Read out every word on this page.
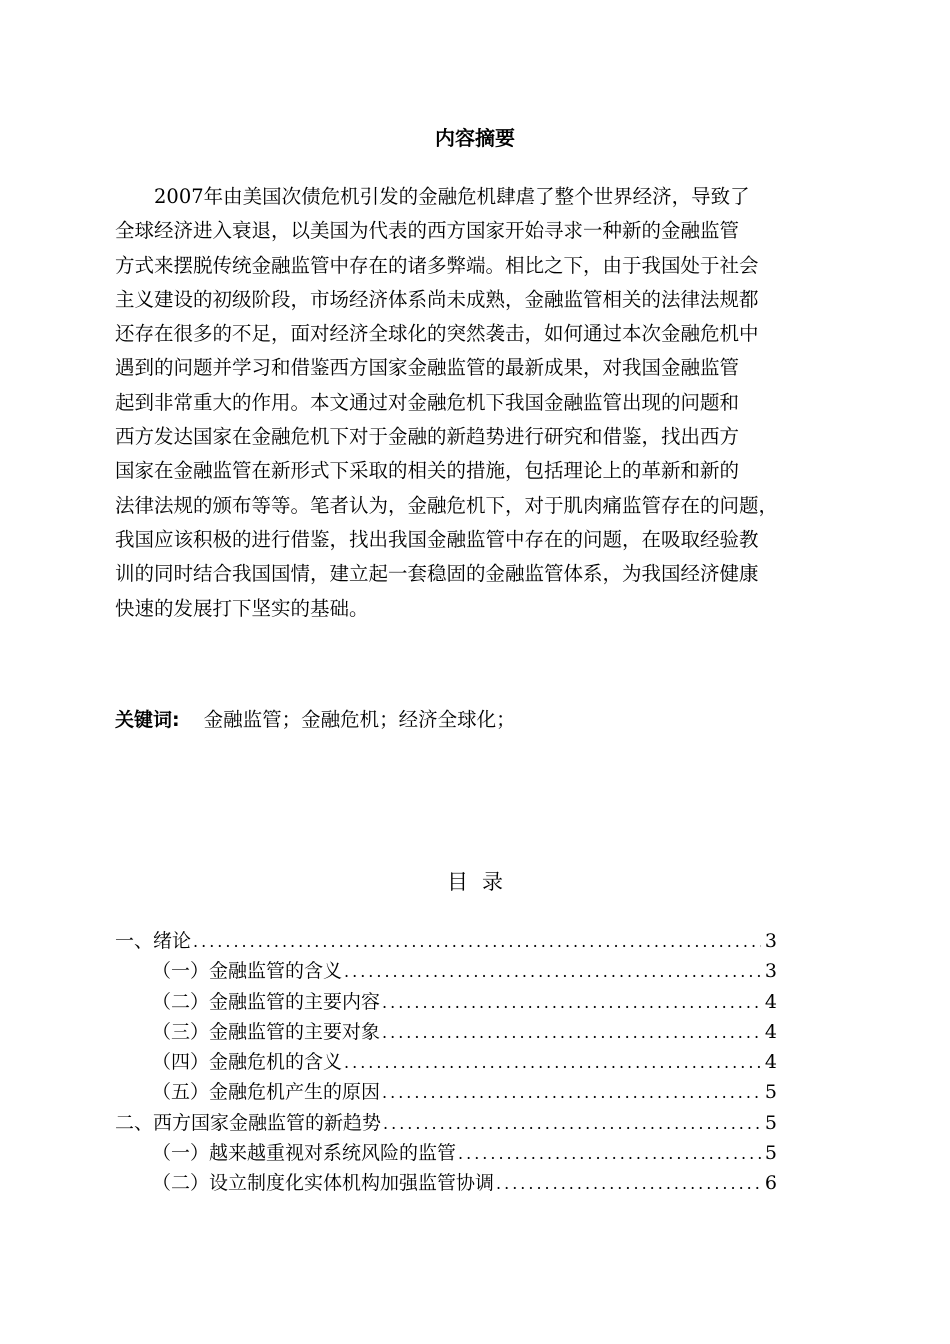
内容摘要
2007年由美国次债危机引发的金融危机肆虐了整个世界经济，导致了
全球经济进入衰退，以美国为代表的西方国家开始寻求一种新的金融监管
方式来摆脱传统金融监管中存在的诸多弊端。相比之下，由于我国处于社会
主义建设的初级阶段，市场经济体系尚未成熟，金融监管相关的法律法规都
还存在很多的不足，面对经济全球化的突然袭击，如何通过本次金融危机中
遇到的问题并学习和借鉴西方国家金融监管的最新成果，对我国金融监管
起到非常重大的作用。本文通过对金融危机下我国金融监管出现的问题和
西方发达国家在金融危机下对于金融的新趋势进行研究和借鉴，找出西方
国家在金融监管在新形式下采取的相关的措施，包括理论上的革新和新的
法律法规的颁布等等。笔者认为，金融危机下，对于肌肉痛监管存在的问题，
我国应该积极的进行借鉴，找出我国金融监管中存在的问题，在吸取经验教
训的同时结合我国国情，建立起一套稳固的金融监管体系，为我国经济健康
快速的发展打下坚实的基础。
关键词: 金融监管；金融危机；经济全球化；
目录
一、绪论 .....	3
（一）金融监管的含义 .....	3
（二）金融监管的主要内容 .....	4
（三）金融监管的主要对象 .....	4
（四）金融危机的含义 .....	4
（五）金融危机产生的原因 .....	5
二、西方国家金融监管的新趋势 .....	5
（一）越来越重视对系统风险的监管 .....	5
（二）设立制度化实体机构加强监管协调 .....	6
